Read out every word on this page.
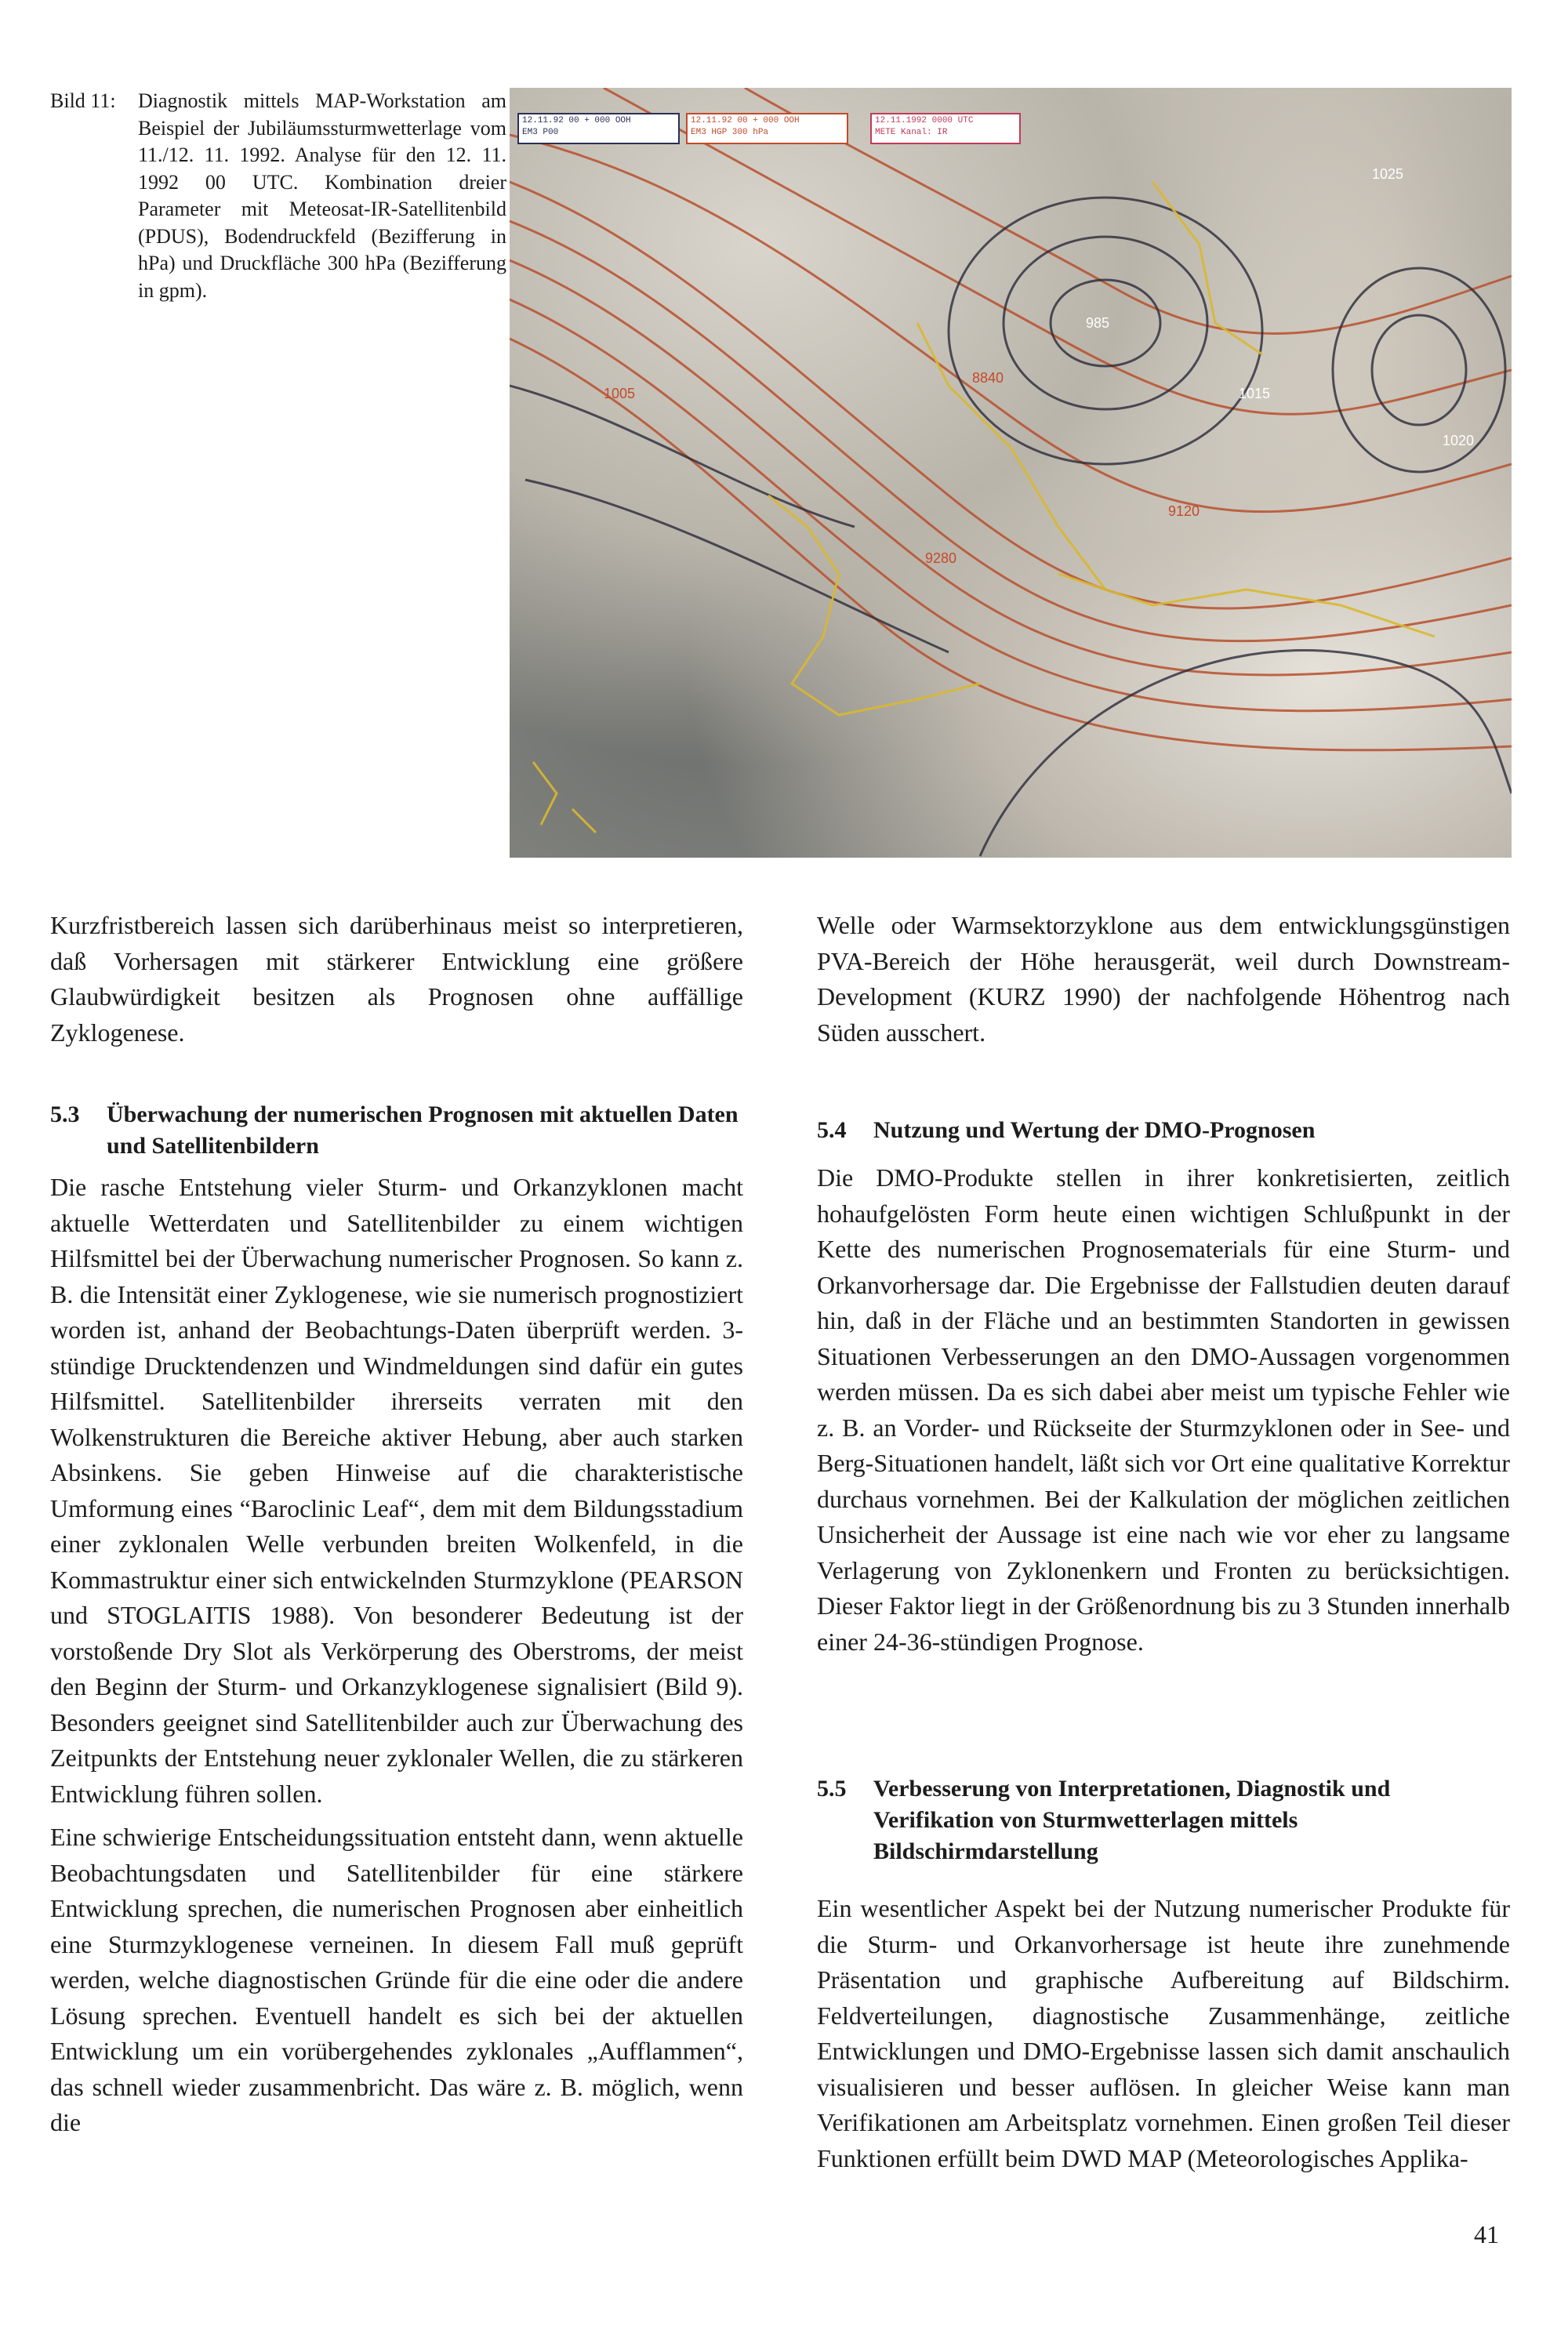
Bild 11: Diagnostik mittels MAP-Workstation am Beispiel der Jubiläumssturmwetterlage vom 11./12. 11. 1992. Analyse für den 12. 11. 1992 00 UTC. Kombination dreier Parameter mit Meteosat-IR-Satellitenbild (PDUS), Bodendruckfeld (Bezifferung in hPa) und Druckfläche 300 hPa (Bezifferung in gpm).
12.11.92 00 + 000 OOH
EM3 P00
12.11.92 00 + 000 OOH
EM3 HGP 300 hPa
12.11.1992 0000 UTC
METE Kanal: IR
985
1015
1025
9280
9120
8840
1020
1005

Kurzfristbereich lassen sich darüberhinaus meist so interpretieren, daß Vorhersagen mit stärkerer Entwicklung eine größere Glaubwürdigkeit besitzen als Prognosen ohne auffällige Zyklogenese.

5.3 Überwachung der numerischen Prognosen mit aktuellen Daten und Satellitenbildern

Die rasche Entstehung vieler Sturm- und Orkanzyklonen macht aktuelle Wetterdaten und Satellitenbilder zu einem wichtigen Hilfsmittel bei der Überwachung numerischer Prognosen. So kann z. B. die Intensität einer Zyklogenese, wie sie numerisch prognostiziert worden ist, anhand der Beobachtungs-Daten überprüft werden. 3-stündige Drucktendenzen und Windmeldungen sind dafür ein gutes Hilfsmittel. Satellitenbilder ihrerseits verraten mit den Wolkenstrukturen die Bereiche aktiver Hebung, aber auch starken Absinkens. Sie geben Hinweise auf die charakteristische Umformung eines “Baroclinic Leaf“, dem mit dem Bildungsstadium einer zyklonalen Welle verbunden breiten Wolkenfeld, in die Kommastruktur einer sich entwickelnden Sturmzyklone (PEARSON und STOGLAITIS 1988). Von besonderer Bedeutung ist der vorstoßende Dry Slot als Verkörperung des Oberstroms, der meist den Beginn der Sturm- und Orkanzyklogenese signalisiert (Bild 9). Besonders geeignet sind Satellitenbilder auch zur Überwachung des Zeitpunkts der Entstehung neuer zyklonaler Wellen, die zu stärkeren Entwicklung führen sollen.

Eine schwierige Entscheidungssituation entsteht dann, wenn aktuelle Beobachtungsdaten und Satellitenbilder für eine stärkere Entwicklung sprechen, die numerischen Prognosen aber einheitlich eine Sturmzyklogenese verneinen. In diesem Fall muß geprüft werden, welche diagnostischen Gründe für die eine oder die andere Lösung sprechen. Eventuell handelt es sich bei der aktuellen Entwicklung um ein vorübergehendes zyklonales „Aufflammen“, das schnell wieder zusammenbricht. Das wäre z. B. möglich, wenn die

Welle oder Warmsektorzyklone aus dem entwicklungsgünstigen PVA-Bereich der Höhe herausgerät, weil durch Downstream-Development (KURZ 1990) der nachfolgende Höhentrog nach Süden ausschert.

5.4 Nutzung und Wertung der DMO-Prognosen

Die DMO-Produkte stellen in ihrer konkretisierten, zeitlich hohaufgelösten Form heute einen wichtigen Schlußpunkt in der Kette des numerischen Prognosematerials für eine Sturm- und Orkanvorhersage dar. Die Ergebnisse der Fallstudien deuten darauf hin, daß in der Fläche und an bestimmten Standorten in gewissen Situationen Verbesserungen an den DMO-Aussagen vorgenommen werden müssen. Da es sich dabei aber meist um typische Fehler wie z. B. an Vorder- und Rückseite der Sturmzyklonen oder in See- und Berg-Situationen handelt, läßt sich vor Ort eine qualitative Korrektur durchaus vornehmen. Bei der Kalkulation der möglichen zeitlichen Unsicherheit der Aussage ist eine nach wie vor eher zu langsame Verlagerung von Zyklonenkern und Fronten zu berücksichtigen. Dieser Faktor liegt in der Größenordnung bis zu 3 Stunden innerhalb einer 24-36-stündigen Prognose.

5.5 Verbesserung von Interpretationen, Diagnostik und Verifikation von Sturmwetterlagen mittels Bildschirmdarstellung

Ein wesentlicher Aspekt bei der Nutzung numerischer Produkte für die Sturm- und Orkanvorhersage ist heute ihre zunehmende Präsentation und graphische Aufbereitung auf Bildschirm. Feldverteilungen, diagnostische Zusammenhänge, zeitliche Entwicklungen und DMO-Ergebnisse lassen sich damit anschaulich visualisieren und besser auflösen. In gleicher Weise kann man Verifikationen am Arbeitsplatz vornehmen. Einen großen Teil dieser Funktionen erfüllt beim DWD MAP (Meteorologisches Applika-

41
